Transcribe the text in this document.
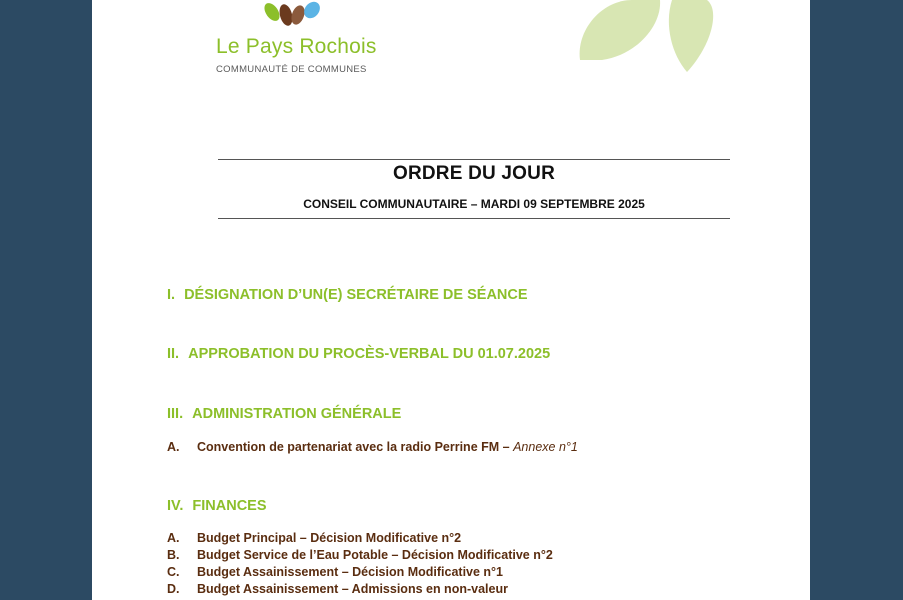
Le Pays Rochois
COMMUNAUTÉ DE COMMUNES
ORDRE DU JOUR
CONSEIL COMMUNAUTAIRE – MARDI 09 SEPTEMBRE 2025
I. DÉSIGNATION D’UN(E) SECRÉTAIRE DE SÉANCE
II. APPROBATION DU PROCÈS-VERBAL DU 01.07.2025
III. ADMINISTRATION GÉNÉRALE
A. Convention de partenariat avec la radio Perrine FM – Annexe n°1
IV. FINANCES
A. Budget Principal – Décision Modificative n°2
B. Budget Service de l’Eau Potable – Décision Modificative n°2
C. Budget Assainissement – Décision Modificative n°1
D. Budget Assainissement – Admissions en non-valeur
